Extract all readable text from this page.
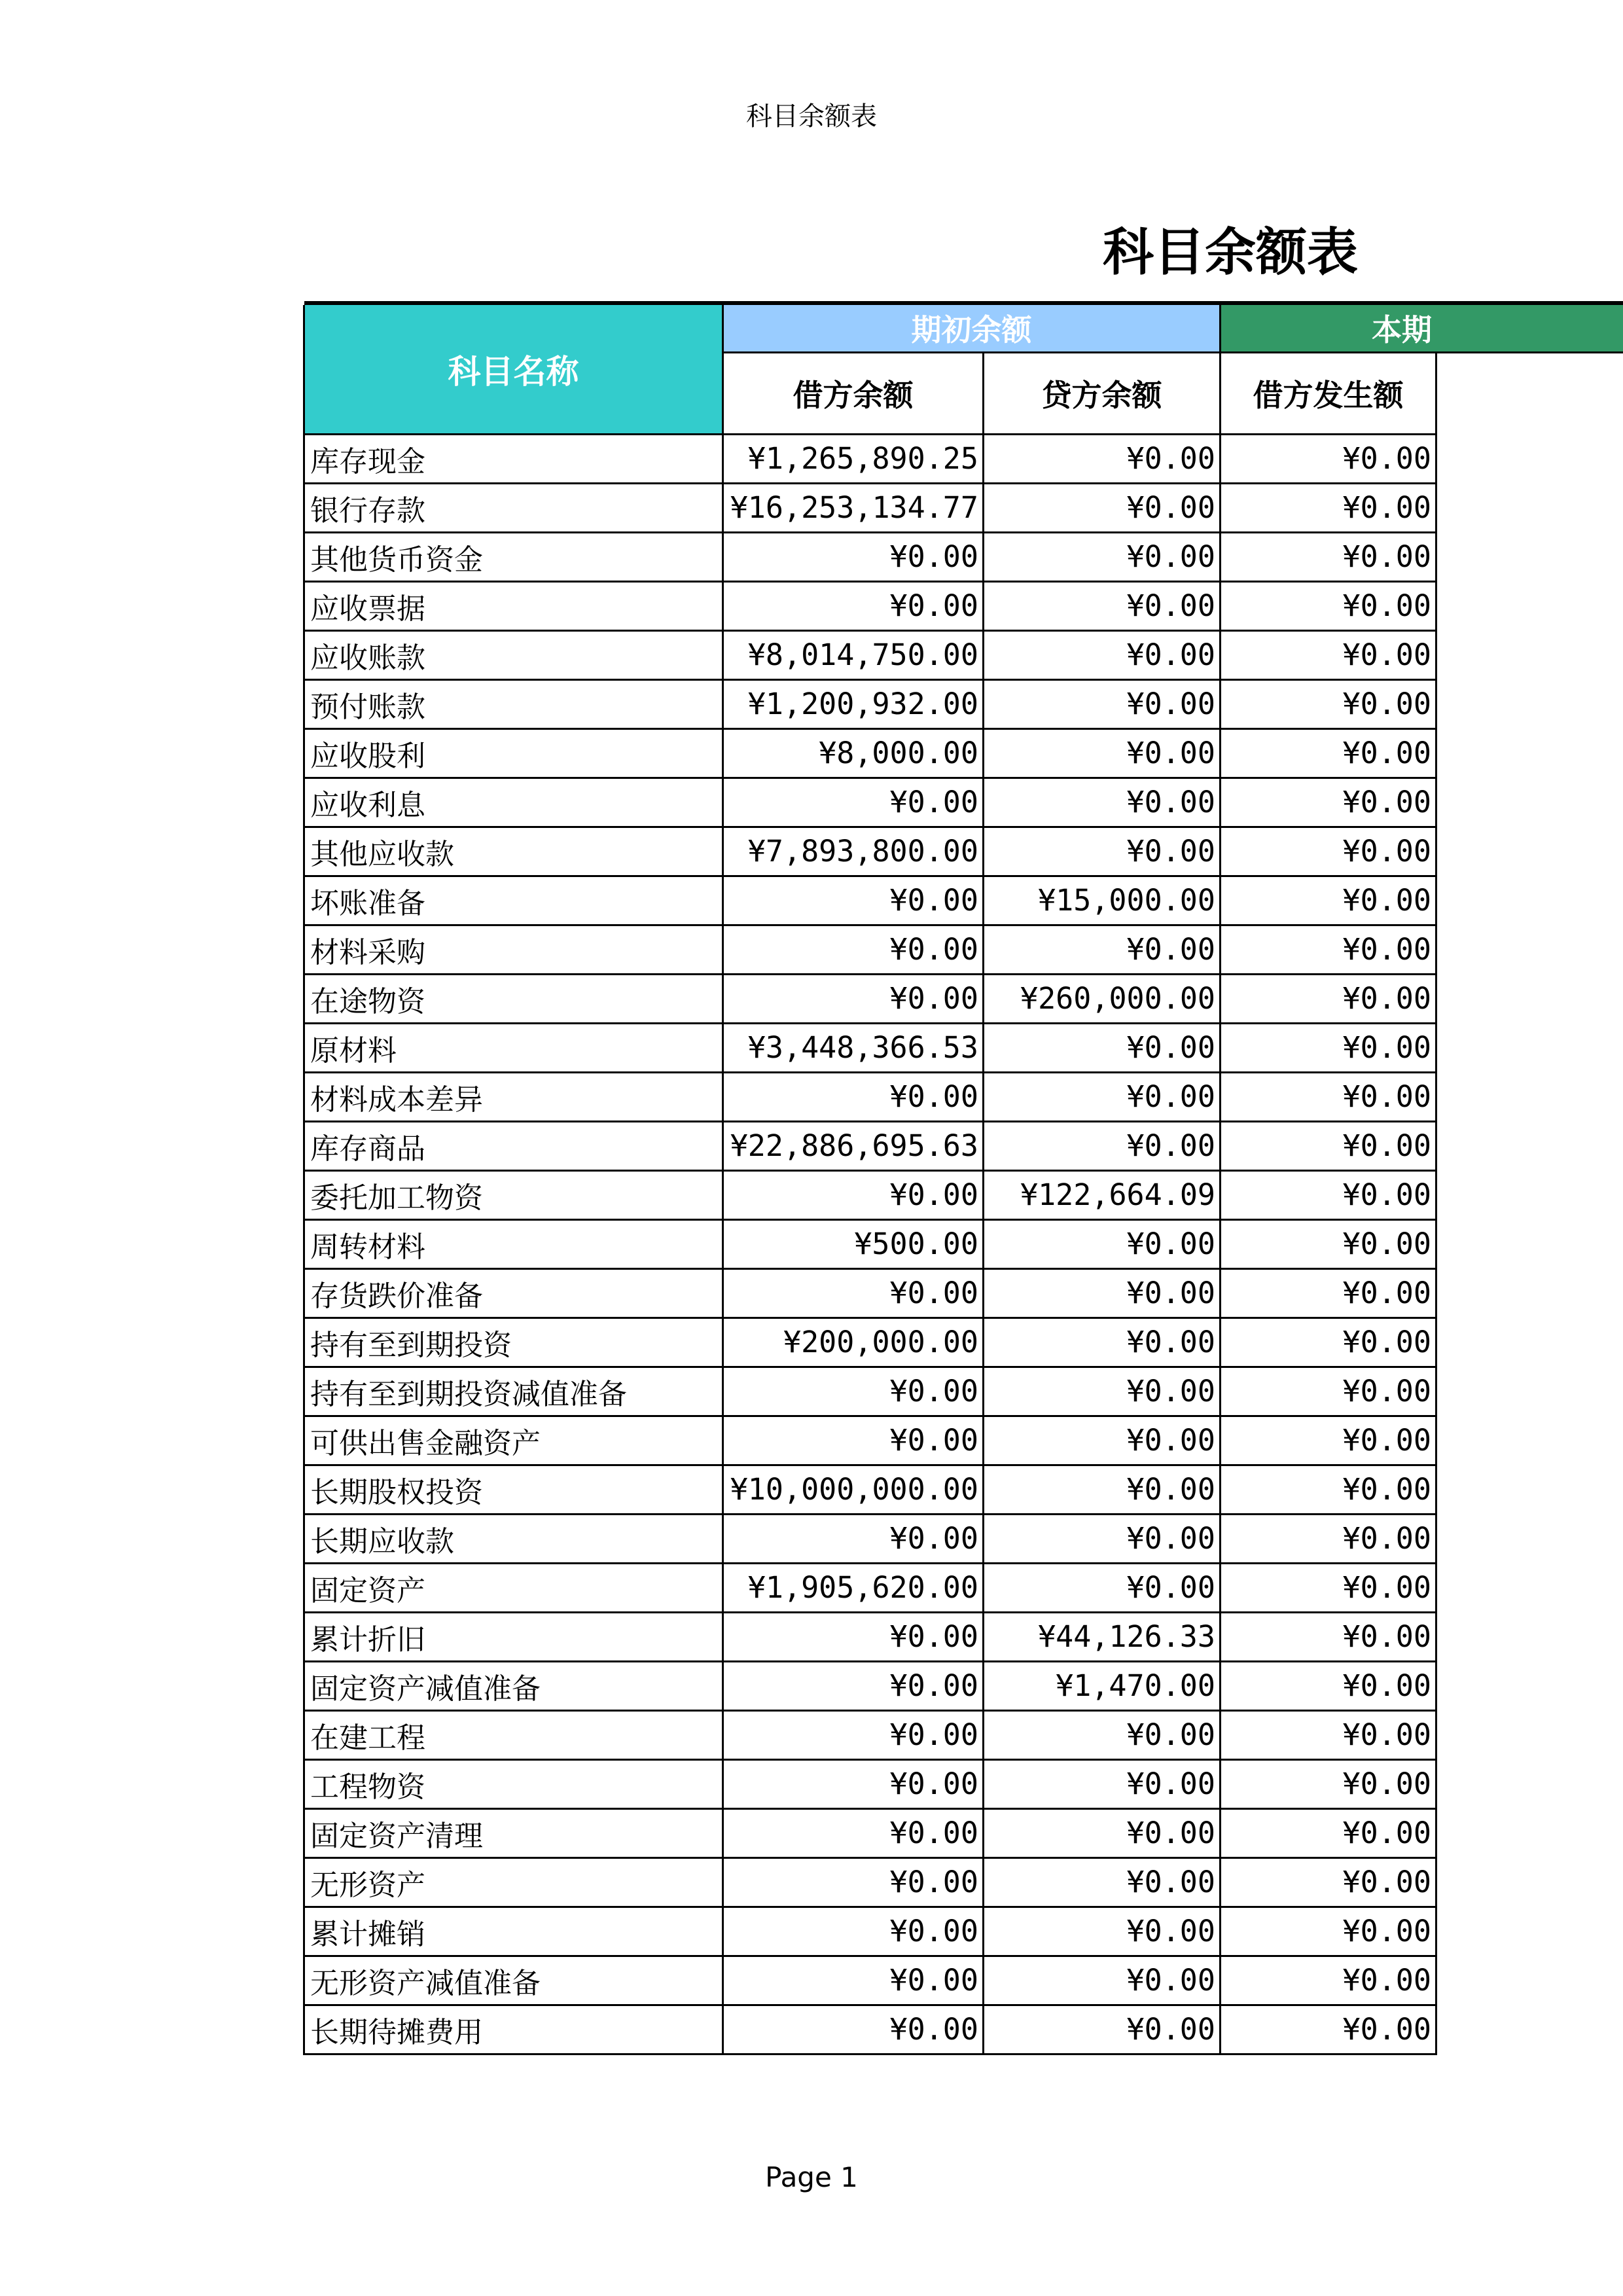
科目余额表
科目余额表

科目名称	期初余额		本期	
	借方余额	贷方余额	借方发生额	
库存现金	¥1,265,890.25	¥0.00	¥0.00	
银行存款	¥16,253,134.77	¥0.00	¥0.00	
其他货币资金	¥0.00	¥0.00	¥0.00	
应收票据	¥0.00	¥0.00	¥0.00	
应收账款	¥8,014,750.00	¥0.00	¥0.00	
预付账款	¥1,200,932.00	¥0.00	¥0.00	
应收股利	¥8,000.00	¥0.00	¥0.00	
应收利息	¥0.00	¥0.00	¥0.00	
其他应收款	¥7,893,800.00	¥0.00	¥0.00	
坏账准备	¥0.00	¥15,000.00	¥0.00	
材料采购	¥0.00	¥0.00	¥0.00	
在途物资	¥0.00	¥260,000.00	¥0.00	
原材料	¥3,448,366.53	¥0.00	¥0.00	
材料成本差异	¥0.00	¥0.00	¥0.00	
库存商品	¥22,886,695.63	¥0.00	¥0.00	
委托加工物资	¥0.00	¥122,664.09	¥0.00	
周转材料	¥500.00	¥0.00	¥0.00	
存货跌价准备	¥0.00	¥0.00	¥0.00	
持有至到期投资	¥200,000.00	¥0.00	¥0.00	
持有至到期投资减值准备	¥0.00	¥0.00	¥0.00	
可供出售金融资产	¥0.00	¥0.00	¥0.00	
长期股权投资	¥10,000,000.00	¥0.00	¥0.00	
长期应收款	¥0.00	¥0.00	¥0.00	
固定资产	¥1,905,620.00	¥0.00	¥0.00	
累计折旧	¥0.00	¥44,126.33	¥0.00	
固定资产减值准备	¥0.00	¥1,470.00	¥0.00	
在建工程	¥0.00	¥0.00	¥0.00	
工程物资	¥0.00	¥0.00	¥0.00	
固定资产清理	¥0.00	¥0.00	¥0.00	
无形资产	¥0.00	¥0.00	¥0.00	
累计摊销	¥0.00	¥0.00	¥0.00	
无形资产减值准备	¥0.00	¥0.00	¥0.00	
长期待摊费用	¥0.00	¥0.00	¥0.00	
Page 1
